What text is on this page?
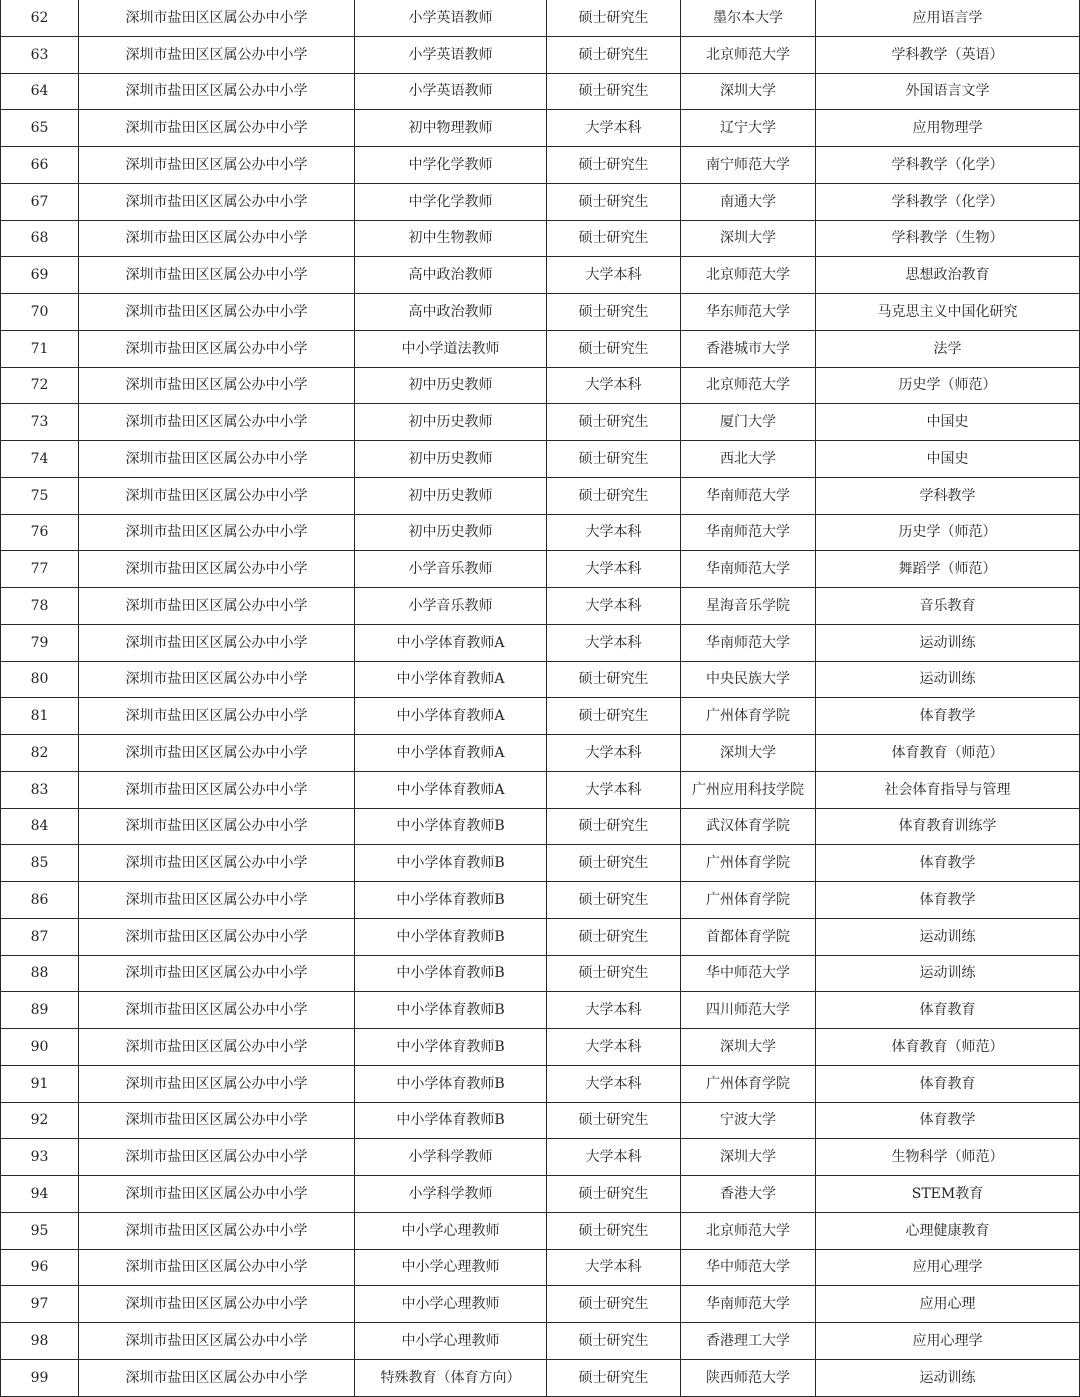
62	深圳市盐田区区属公办中小学	小学英语教师	硕士研究生	墨尔本大学	应用语言学
63	深圳市盐田区区属公办中小学	小学英语教师	硕士研究生	北京师范大学	学科教学（英语）
64	深圳市盐田区区属公办中小学	小学英语教师	硕士研究生	深圳大学	外国语言文学
65	深圳市盐田区区属公办中小学	初中物理教师	大学本科	辽宁大学	应用物理学
66	深圳市盐田区区属公办中小学	中学化学教师	硕士研究生	南宁师范大学	学科教学（化学）
67	深圳市盐田区区属公办中小学	中学化学教师	硕士研究生	南通大学	学科教学（化学）
68	深圳市盐田区区属公办中小学	初中生物教师	硕士研究生	深圳大学	学科教学（生物）
69	深圳市盐田区区属公办中小学	高中政治教师	大学本科	北京师范大学	思想政治教育
70	深圳市盐田区区属公办中小学	高中政治教师	硕士研究生	华东师范大学	马克思主义中国化研究
71	深圳市盐田区区属公办中小学	中小学道法教师	硕士研究生	香港城市大学	法学
72	深圳市盐田区区属公办中小学	初中历史教师	大学本科	北京师范大学	历史学（师范）
73	深圳市盐田区区属公办中小学	初中历史教师	硕士研究生	厦门大学	中国史
74	深圳市盐田区区属公办中小学	初中历史教师	硕士研究生	西北大学	中国史
75	深圳市盐田区区属公办中小学	初中历史教师	硕士研究生	华南师范大学	学科教学
76	深圳市盐田区区属公办中小学	初中历史教师	大学本科	华南师范大学	历史学（师范）
77	深圳市盐田区区属公办中小学	小学音乐教师	大学本科	华南师范大学	舞蹈学（师范）
78	深圳市盐田区区属公办中小学	小学音乐教师	大学本科	星海音乐学院	音乐教育
79	深圳市盐田区区属公办中小学	中小学体育教师A	大学本科	华南师范大学	运动训练
80	深圳市盐田区区属公办中小学	中小学体育教师A	硕士研究生	中央民族大学	运动训练
81	深圳市盐田区区属公办中小学	中小学体育教师A	硕士研究生	广州体育学院	体育教学
82	深圳市盐田区区属公办中小学	中小学体育教师A	大学本科	深圳大学	体育教育（师范）
83	深圳市盐田区区属公办中小学	中小学体育教师A	大学本科	广州应用科技学院	社会体育指导与管理
84	深圳市盐田区区属公办中小学	中小学体育教师B	硕士研究生	武汉体育学院	体育教育训练学
85	深圳市盐田区区属公办中小学	中小学体育教师B	硕士研究生	广州体育学院	体育教学
86	深圳市盐田区区属公办中小学	中小学体育教师B	硕士研究生	广州体育学院	体育教学
87	深圳市盐田区区属公办中小学	中小学体育教师B	硕士研究生	首都体育学院	运动训练
88	深圳市盐田区区属公办中小学	中小学体育教师B	硕士研究生	华中师范大学	运动训练
89	深圳市盐田区区属公办中小学	中小学体育教师B	大学本科	四川师范大学	体育教育
90	深圳市盐田区区属公办中小学	中小学体育教师B	大学本科	深圳大学	体育教育（师范）
91	深圳市盐田区区属公办中小学	中小学体育教师B	大学本科	广州体育学院	体育教育
92	深圳市盐田区区属公办中小学	中小学体育教师B	硕士研究生	宁波大学	体育教学
93	深圳市盐田区区属公办中小学	小学科学教师	大学本科	深圳大学	生物科学（师范）
94	深圳市盐田区区属公办中小学	小学科学教师	硕士研究生	香港大学	STEM教育
95	深圳市盐田区区属公办中小学	中小学心理教师	硕士研究生	北京师范大学	心理健康教育
96	深圳市盐田区区属公办中小学	中小学心理教师	大学本科	华中师范大学	应用心理学
97	深圳市盐田区区属公办中小学	中小学心理教师	硕士研究生	华南师范大学	应用心理
98	深圳市盐田区区属公办中小学	中小学心理教师	硕士研究生	香港理工大学	应用心理学
99	深圳市盐田区区属公办中小学	特殊教育（体育方向）	硕士研究生	陕西师范大学	运动训练
